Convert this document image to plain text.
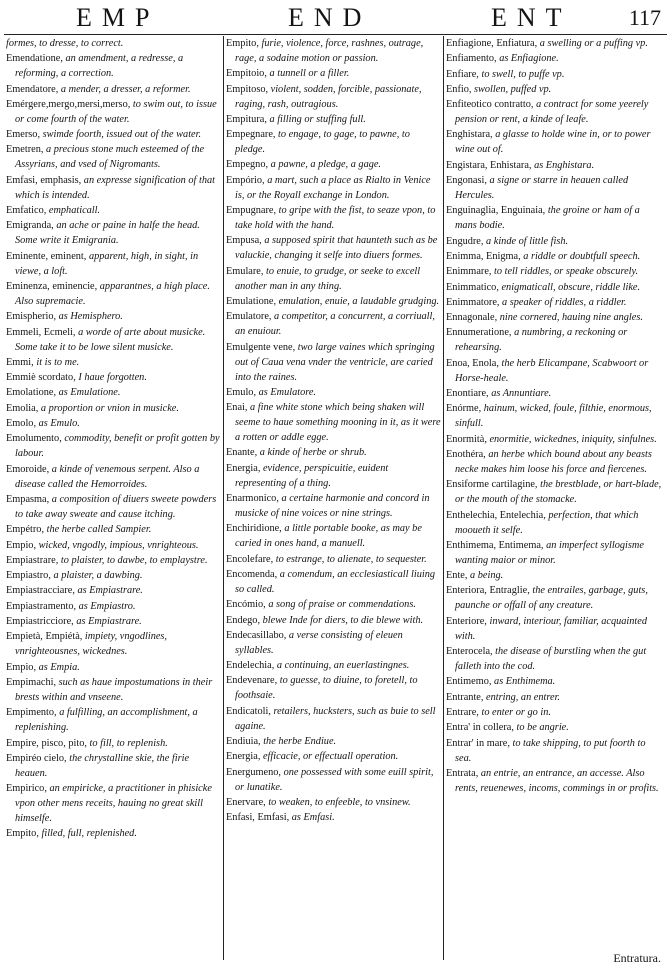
EMP	END	ENT	117
formes, to dresse, to correct.
Emendatione, an amendment, a redresse, a reforming, a correction.
Emendatore, a mender, a dresser, a reformer.
Emérgere,mergo,mersi,merso, to swim out, to issue or come fourth of the water.
Emerso, swimde foorth, issued out of the water.
Emetren, a precious stone much esteemed of the Assyrians, and vsed of Nigromants.
Emfasi, emphasis, an expresse signification of that which is intended.
Emfatico, emphaticall.
Emigranda, an ache or paine in halfe the head. Some write it Emigrania.
Eminente, eminent, apparent, high, in sight, in viewe, a loft.
Eminenza, eminencie, apparantnes, a high place. Also supremacie.
Emispherio, as Hemisphero.
Emmeli, Ecmeli, a worde of arte about musicke. Some take it to be lowe silent musicke.
Emmi, it is to me.
Emmiè scordato, I haue forgotten.
Emolatione, as Emulatione.
Emolia, a proportion or vnion in musicke.
Emolo, as Emulo.
Emolumento, commodity, benefit or profit gotten by labour.
Emoroide, a kinde of venemous serpent. Also a disease called the Hemorroides.
Empasma, a composition of diuers sweete powders to take away sweate and cause itching.
Empétro, the herbe called Sampier.
Empio, wicked, vngodly, impious, vnrighteous.
Empiastrare, to plaister, to dawbe, to emplaystre.
Empiastro, a plaister, a dawbing.
Empiastracciare, as Empiastrare.
Empiastramento, as Empiastro.
Empiastricciore, as Empiastrare.
Empietà, Empiétà, impiety, vngodlines, vnrighteousnes, wickednes.
Empio, as Empia.
Empimachi, such as haue impostumations in their brests within and vnseene.
Empimento, a fulfilling, an accomplishment, a replenishing.
Empire, pisco, pito, to fill, to replenish.
Empiréo cielo, the chrystalline skie, the firie heauen.
Empirico, an empiricke, a practitioner in phisicke vpon other mens receits, hauing no great skill himselfe.
Empito, filled, full, replenished.
Empito, furie, violence, force, rashnes, outrage, rage, a sodaine motion or passion.
Empitoio, a tunnell or a filler.
Empitoso, violent, sodden, forcible, passionate, raging, rash, outragious.
Empitura, a filling or stuffing full.
Empegnare, to engage, to gage, to pawne, to pledge.
Empegno, a pawne, a pledge, a gage.
Empório, a mart, such a place as Rialto in Venice is, or the Royall exchange in London.
Empugnare, to gripe with the fist, to seaze vpon, to take hold with the hand.
Empusa, a supposed spirit that haunteth such as be valuckie, changing it selfe into diuers formes.
Emulare, to enuie, to grudge, or seeke to excell another man in any thing.
Emulatione, emulation, enuie, a laudable grudging.
Emulatore, a competitor, a concurrent, a corriuall, an enuiour.
Emulgente vene, two large vaines which springing out of Caua vena vnder the ventricle, are caried into the raines.
Emulo, as Emulatore.
Enai, a fine white stone which being shaken will seeme to haue something mooning in it, as it were a rotten or addle egge.
Enante, a kinde of herbe or shrub.
Energia, evidence, perspicuitie, euident representing of a thing.
Enarmonico, a certaine harmonie and concord in musicke of nine voices or nine strings.
Enchiridione, a little portable booke, as may be caried in ones hand, a manuell.
Encolefare, to estrange, to alienate, to sequester.
Encomenda, a comendum, an ecclesiasticall liuing so called.
Encómio, a song of praise or commendations.
Endego, blewe Inde for diers, to die blewe with.
Endecasillabo, a verse consisting of eleuen syllables.
Endelechia, a continuing, an euerlastingnes.
Endevenare, to guesse, to diuine, to foretell, to foothsaie.
Endicatoli, retailers, hucksters, such as buie to sell againe.
Endiuia, the herbe Endiue.
Energia, efficacie, or effectuall operation.
Energumeno, one possessed with some euill spirit, or lunatike.
Enervare, to weaken, to enfeeble, to vnsinew.
Enfasi, Emfasi, as Emfasi.
Enfiagione, Enfiatura, a swelling or a puffing vp.
Enfiamento, as Enfiagione.
Enfiare, to swell, to puffe vp.
Enfio, swollen, puffed vp.
Enfiteotico contratto, a contract for some yeerely pension or rent, a kinde of leafe.
Enghistara, a glasse to holde wine in, or to power wine out of.
Engistara, Enhistara, as Enghistara.
Engonasi, a signe or starre in heauen called Hercules.
Enguinaglia, Enguinaia, the groine or ham of a mans bodie.
Engudre, a kinde of little fish.
Enimma, Enigma, a riddle or doubtfull speech.
Enimmare, to tell riddles, or speake obscurely.
Enimmatico, enigmaticall, obscure, riddle like.
Enimmatore, a speaker of riddles, a riddler.
Ennagonale, nine cornered, hauing nine angles.
Ennumeratione, a numbring, a reckoning or rehearsing.
Enoa, Enola, the herb Elicampane, Scabwoort or Horse-heale.
Enontiare, as Annuntiare.
Enórme, hainum, wicked, foule, filthie, enormous, sinfull.
Enormità, enormitie, wickednes, iniquity, sinfulnes.
Enothéra, an herbe which bound about any beasts necke makes him loose his force and fiercenes.
Ensiforme cartilagine, the brestblade, or hart-blade, or the mouth of the stomacke.
Enthelechia, Entelechia, perfection, that which mooueth it selfe.
Enthimema, Entimema, an imperfect syllogisme wanting maior or minor.
Ente, a being.
Enteriora, Entraglie, the entrailes, garbage, guts, paunche or offall of any creature.
Enteriore, inward, interiour, familiar, acquainted with.
Enterocela, the disease of burstling when the gut falleth into the cod.
Entimemo, as Enthimema.
Entrante, entring, an entrer.
Entrare, to enter or go in.
Entra' in collera, to be angrie.
Entrar' in mare, to take shipping, to put foorth to sea.
Entrata, an entrie, an entrance, an accesse. Also rents, reuenewes, incoms, commings in or profits.
Entratura.
